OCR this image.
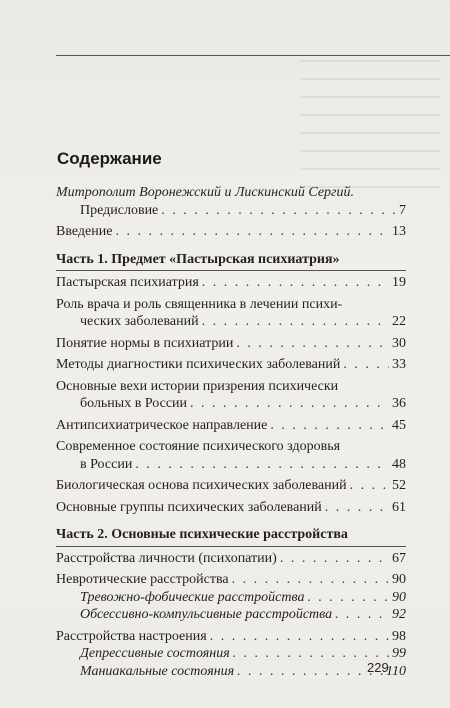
Содержание
Митрополит Воронежский и Лискинский Сергий.
Предисловие . . .	7
Введение . . .	13
Часть 1. Предмет «Пастырская психиатрия»
Пастырская психиатрия . . .	19
Роль врача и роль священника в лечении психи-
ческих заболеваний . . .	22
Понятие нормы в психиатрии . . .	30
Методы диагностики психических заболеваний . . .	33
Основные вехи истории призрения психически
больных в России . . .	36
Антипсихиатрическое направление . . .	45
Современное состояние психического здоровья
в России . . .	48
Биологическая основа психических заболеваний . . .	52
Основные группы психических заболеваний . . .	61
Часть 2. Основные психические расстройства
Расстройства личности (психопатии) . . .	67
Невротические расстройства . . .	90
Тревожно-фобические расстройства . . .	90
Обсессивно-компульсивные расстройства . . .	92
Расстройства настроения . . .	98
Депрессивные состояния . . .	99
Маниакальные состояния . . .	110
229
